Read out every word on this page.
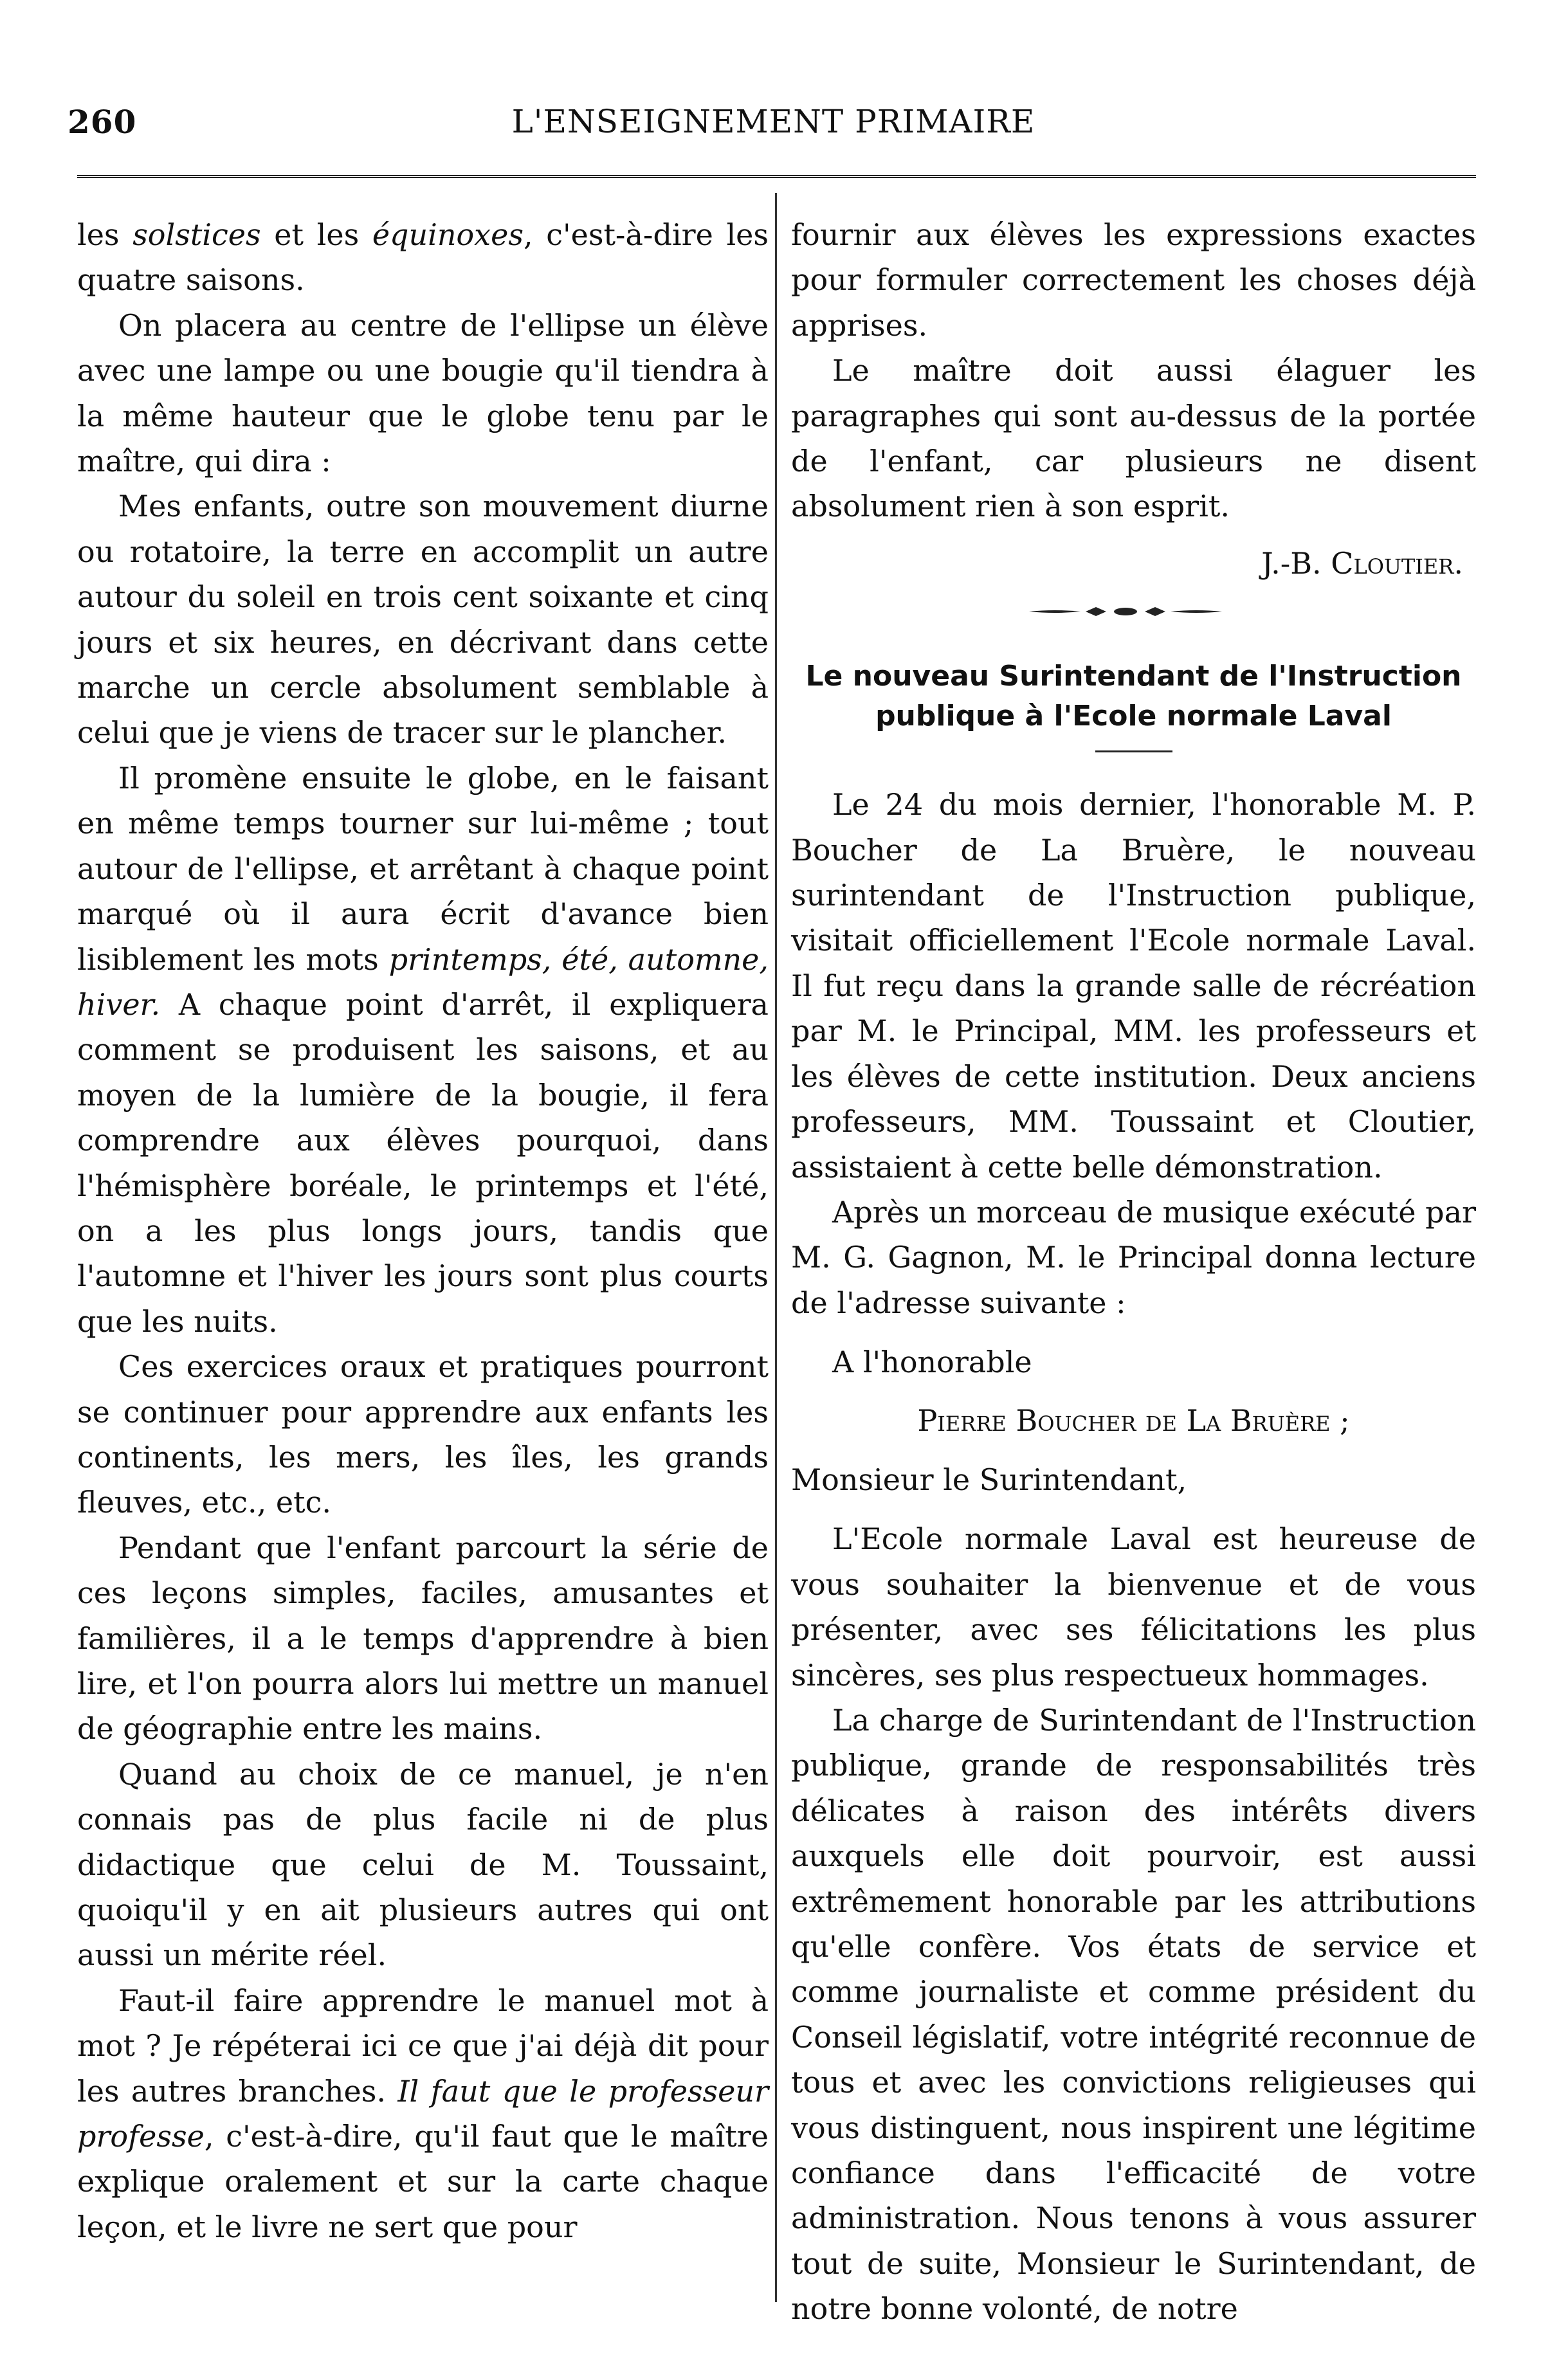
260	L'ENSEIGNEMENT PRIMAIRE

les solstices et les équinoxes, c'est-à-dire les quatre saisons.

On placera au centre de l'ellipse un élève avec une lampe ou une bougie qu'il tiendra à la même hauteur que le globe tenu par le maître, qui dira :

Mes enfants, outre son mouvement diurne ou rotatoire, la terre en accomplit un autre autour du soleil en trois cent soixante et cinq jours et six heures, en décrivant dans cette marche un cercle absolument semblable à celui que je viens de tracer sur le plancher.

Il promène ensuite le globe, en le faisant en même temps tourner sur lui-même ; tout autour de l'ellipse, et arrêtant à chaque point marqué où il aura écrit d'avance bien lisiblement les mots printemps, été, automne, hiver. A chaque point d'arrêt, il expliquera comment se produisent les saisons, et au moyen de la lumière de la bougie, il fera comprendre aux élèves pourquoi, dans l'hémisphère boréale, le printemps et l'été, on a les plus longs jours, tandis que l'automne et l'hiver les jours sont plus courts que les nuits.

Ces exercices oraux et pratiques pourront se continuer pour apprendre aux enfants les continents, les mers, les îles, les grands fleuves, etc., etc.

Pendant que l'enfant parcourt la série de ces leçons simples, faciles, amusantes et familières, il a le temps d'apprendre à bien lire, et l'on pourra alors lui mettre un manuel de géographie entre les mains.

Quand au choix de ce manuel, je n'en connais pas de plus facile ni de plus didactique que celui de M. Toussaint, quoiqu'il y en ait plusieurs autres qui ont aussi un mérite réel.

Faut-il faire apprendre le manuel mot à mot ? Je répéterai ici ce que j'ai déjà dit pour les autres branches. Il faut que le professeur professe, c'est-à-dire, qu'il faut que le maître explique oralement et sur la carte chaque leçon, et le livre ne sert que pour

fournir aux élèves les expressions exactes pour formuler correctement les choses déjà apprises.

Le maître doit aussi élaguer les paragraphes qui sont au-dessus de la portée de l'enfant, car plusieurs ne disent absolument rien à son esprit.

J.-B. Cloutier.

Le nouveau Surintendant de l'Instruction publique à l'Ecole normale Laval

Le 24 du mois dernier, l'honorable M. P. Boucher de La Bruère, le nouveau surintendant de l'Instruction publique, visitait officiellement l'Ecole normale Laval. Il fut reçu dans la grande salle de récréation par M. le Principal, MM. les professeurs et les élèves de cette institution. Deux anciens professeurs, MM. Toussaint et Cloutier, assistaient à cette belle démonstration.

Après un morceau de musique exécuté par M. G. Gagnon, M. le Principal donna lecture de l'adresse suivante :

A l'honorable

Pierre Boucher de La Bruère ;

Monsieur le Surintendant,

L'Ecole normale Laval est heureuse de vous souhaiter la bienvenue et de vous présenter, avec ses félicitations les plus sincères, ses plus respectueux hommages.

La charge de Surintendant de l'Instruction publique, grande de responsabilités très délicates à raison des intérêts divers auxquels elle doit pourvoir, est aussi extrêmement honorable par les attributions qu'elle confère. Vos états de service et comme journaliste et comme président du Conseil législatif, votre intégrité reconnue de tous et avec les convictions religieuses qui vous distinguent, nous inspirent une légitime confiance dans l'efficacité de votre administration. Nous tenons à vous assurer tout de suite, Monsieur le Surintendant, de notre bonne volonté, de notre
